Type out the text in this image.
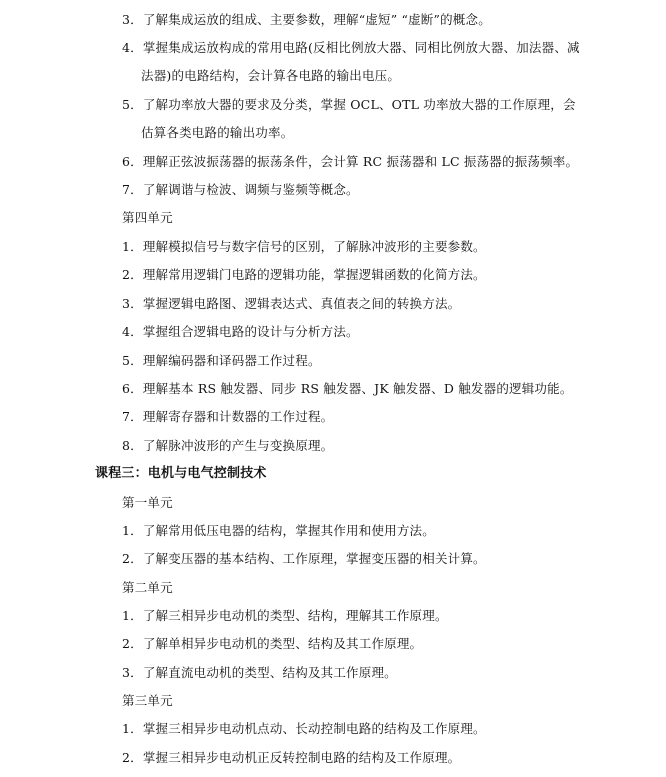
3．了解集成运放的组成、主要参数，理解“虚短” “虚断”的概念。
4．掌握集成运放构成的常用电路(反相比例放大器、同相比例放大器、加法器、减
法器)的电路结构，会计算各电路的输出电压。
5．了解功率放大器的要求及分类，掌握 OCL、OTL 功率放大器的工作原理，会
估算各类电路的输出功率。
6．理解正弦波振荡器的振荡条件，会计算 RC 振荡器和 LC 振荡器的振荡频率。
7．了解调谐与检波、调频与鉴频等概念。
第四单元
1．理解模拟信号与数字信号的区别，了解脉冲波形的主要参数。
2．理解常用逻辑门电路的逻辑功能，掌握逻辑函数的化简方法。
3．掌握逻辑电路图、逻辑表达式、真值表之间的转换方法。
4．掌握组合逻辑电路的设计与分析方法。
5．理解编码器和译码器工作过程。
6．理解基本 RS 触发器、同步 RS 触发器、JK 触发器、D 触发器的逻辑功能。
7．理解寄存器和计数器的工作过程。
8．了解脉冲波形的产生与变换原理。
课程三：电机与电气控制技术
第一单元
1．了解常用低压电器的结构，掌握其作用和使用方法。
2．了解变压器的基本结构、工作原理，掌握变压器的相关计算。
第二单元
1．了解三相异步电动机的类型、结构，理解其工作原理。
2．了解单相异步电动机的类型、结构及其工作原理。
3．了解直流电动机的类型、结构及其工作原理。
第三单元
1．掌握三相异步电动机点动、长动控制电路的结构及工作原理。
2．掌握三相异步电动机正反转控制电路的结构及工作原理。
